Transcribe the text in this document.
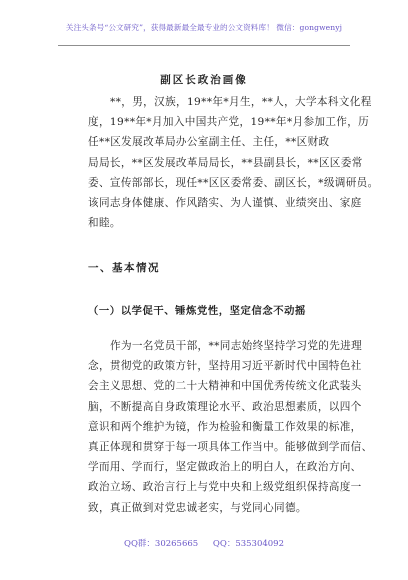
关注头条号“公文研究”，获得最新最全最专业的公文资料库！ 微信：gongwenyj
副区长政治画像
**，男，汉族，19**年*月生，**人，大学本科文化程
度，19**年*月加入中国共产党，19**年*月参加工作，历
任**区发展改革局办公室副主任、主任，**区财政
局局长，**区发展改革局局长，**县副县长，**区区委常
委、宣传部部长，现任**区区委常委、副区长，*级调研员。
该同志身体健康、作风踏实、为人谨慎、业绩突出、家庭
和睦。
一、基本情况
（一）以学促干、锤炼党性，坚定信念不动摇
作为一名党员干部，**同志始终坚持学习党的先进理
念，贯彻党的政策方针，坚持用习近平新时代中国特色社
会主义思想、党的二十大精神和中国优秀传统文化武装头
脑，不断提高自身政策理论水平、政治思想素质，以四个
意识和两个维护为镜，作为检验和衡量工作效果的标准，
真正体现和贯穿于每一项具体工作当中。能够做到学而信、
学而用、学而行，坚定做政治上的明白人，在政治方向、
政治立场、政治言行上与党中央和上级党组织保持高度一
致，真正做到对党忠诚老实，与党同心同德。
QQ群：30265665 QQ：535304092
